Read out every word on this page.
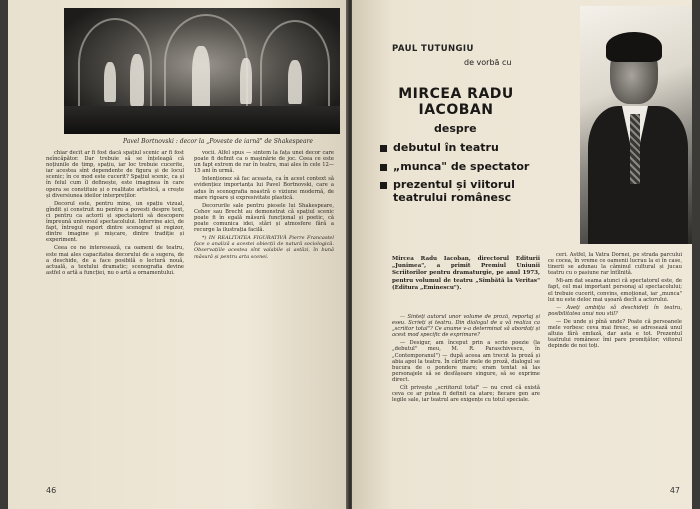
Pavel Bortnovski : decor la „Poveste de iarnă" de Shakespeare

chiar decît ar fi fost dacă spațiul scenic ar fi fost neîncăpător. Dar trebuie să se înțeleagă că noțiunile de timp, spațiu, iar loc trebuie cucerite, iar acestea sînt dependente de figura și de locul scenic; în ce mod este cucerit? Spațiul scenic, ca și în felul cum îl definește, este imaginea în care opera se constituie și o realitate artistică, a crește și diversiunea ideilor interpreților.

Decorul este, pentru mine, un spațiu vizual, gîndit și construit nu pentru a povesti despre text, ci pentru ca actorii și spectatorii să descopere împreună universul spectacolului. Intervine aici, de fapt, întregul raport dintre scenograf și regizor, dintre imagine și mișcare, dintre tradiție și experiment.

Ceea ce ne interesează, ca oameni de teatru, este mai ales capacitatea decorului de a sugera, de a deschide, de a face posibilă o lectură nouă, actuală, a textului dramatic; scenografia devine astfel o artă a funcției, nu o artă a ornamentului.

vocii. Alfel spus — sintem la fața unei decor care poate fi definit ca o mașinărie de joc. Ceea ce este un fapt extrem de rar în teatru, mai ales în cele 12—15 ani în urmă.

Intenționez să fac aceasta, ca în acest context să evidențiez importanța lui Pavel Bortnovski, care a adus în scenografia noastră o viziune modernă, de mare rigoare și expresivitate plastică.

Decorurile sale pentru piesele lui Shakespeare, Cehov sau Brecht au demonstrat că spațiul scenic poate fi în egală măsură funcțional și poetic, că poate comunica idei, stări și atmosfere fără a recurge la ilustrația facilă.

*) IN REALITATEA FIGURATIVĂ Pierre Francastel face o analiză a acestei obiecții de natură sociologică. Observațiile acestea sînt valabile și astăzi, în bună măsură și pentru arta scenei.

46
PAUL TUTUNGIU
de vorbă cu
MIRCEA RADU
IACOBAN
despre
debutul în teatru
„munca" de spectator
prezentul și viitorul teatrului românesc
Mircea Radu Iacoban, directorul Editurii „Junimea", a primit Premiul Uniunii Scriitorilor pentru dramaturgie, pe anul 1973, pentru volumul de teatru „Sîmbătă la Veritas" (Editura „Eminescu").

— Sînteți autorul unor volume de proză, reportaj și eseu. Scrieți și teatru. Din dialogul de a vă realiza ca „scriitor total"? Ce anume v-a determinat să abordați și acest mod specific de exprimare?

— Desigur, am început prin a scrie poezie (la „debutul" meu, M. R. Paraschivescu, în „Contemporanul") — după aceea am trecut la proză și abia apoi la teatru. În cărțile mele de proză, dialogul se bucura de o pondere mare; eram tentat să las personajele să se desfășoare singure, să se exprime direct.

Cît privește „scriitorul total" — nu cred că există ceva ce ar putea fi definit ca atare; fiecare gen are legile sale, iar teatrul are exigențe cu totul speciale.

ceri. Astfel, la Vatra Dornei, pe strada parcului ce cocea, în vreme ce oamenii lucrau la ei în case, tinerii se adunau la căminul cultural și jucau teatru cu o pasiune rar întîlnită.

Mi-am dat seama atunci că spectatorul este, de fapt, cel mai important personaj al spectacolului; el trebuie cucerit, convins, emoționat, iar „munca" lui nu este deloc mai ușoară decît a actorului.

— Aveți ambiția să deschideți în teatru, posibilitatea unui nou stil?

— De unde și pînă unde? Poate că persoanele mele vorbesc ceva mai firesc, se adresează unul altuia fără emfază, dar asta e tot. Prezentul teatrului românesc îmi pare promițător; viitorul depinde de noi toți.

47
